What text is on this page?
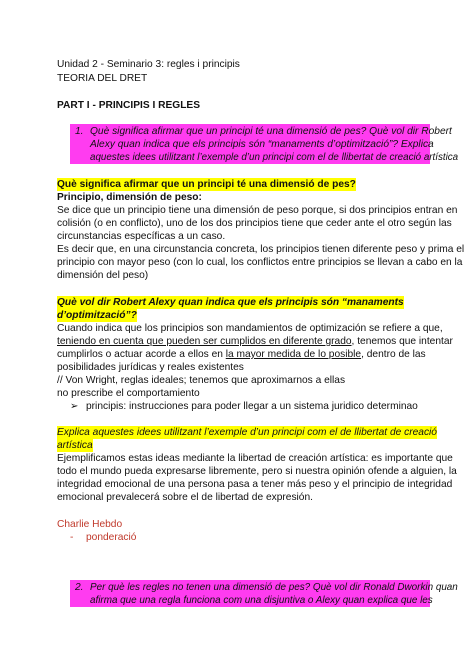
Unidad 2 - Seminario 3: regles i principis
TEORIA DEL DRET
PART I - PRINCIPIS I REGLES
1. Què significa afirmar que un principi té una dimensió de pes? Què vol dir Robert
Alexy quan indica que els principis són “manaments d’optimització”? Explica
aquestes idees utilitzant l’exemple d’un principi com el de llibertat de creació artística
Què significa afirmar que un principi té una dimensió de pes?
Principio, dimensión de peso:
Se dice que un principio tiene una dimensión de peso porque, si dos principios entran en
colisión (o en conflicto), uno de los dos principios tiene que ceder ante el otro según las
circunstancias específicas a un caso.
Es decir que, en una circunstancia concreta, los principios tienen diferente peso y prima el
principio con mayor peso (con lo cual, los conflictos entre principios se llevan a cabo en la
dimensión del peso)
Què vol dir Robert Alexy quan indica que els principis són “manaments
d’optimització”?
Cuando indica que los principios son mandamientos de optimización se refiere a que,
teniendo en cuenta que pueden ser cumplidos en diferente grado, tenemos que intentar
cumplirlos o actuar acorde a ellos en la mayor medida de lo posible, dentro de las
posibilidades jurídicas y reales existentes
// Von Wright, reglas ideales; tenemos que aproximarnos a ellas
no prescribe el comportamiento
➢ principis: instrucciones para poder llegar a un sistema juridico determinao
Explica aquestes idees utilitzant l’exemple d’un principi com el de llibertat de creació
artística
Ejemplificamos estas ideas mediante la libertad de creación artística: es importante que
todo el mundo pueda expresarse libremente, pero si nuestra opinión ofende a alguien, la
integridad emocional de una persona pasa a tener más peso y el principio de integridad
emocional prevalecerá sobre el de libertad de expresión.
Charlie Hebdo
- ponderació
2. Per què les regles no tenen una dimensió de pes? Què vol dir Ronald Dworkin quan
afirma que una regla funciona com una disjuntiva o Alexy quan explica que les
